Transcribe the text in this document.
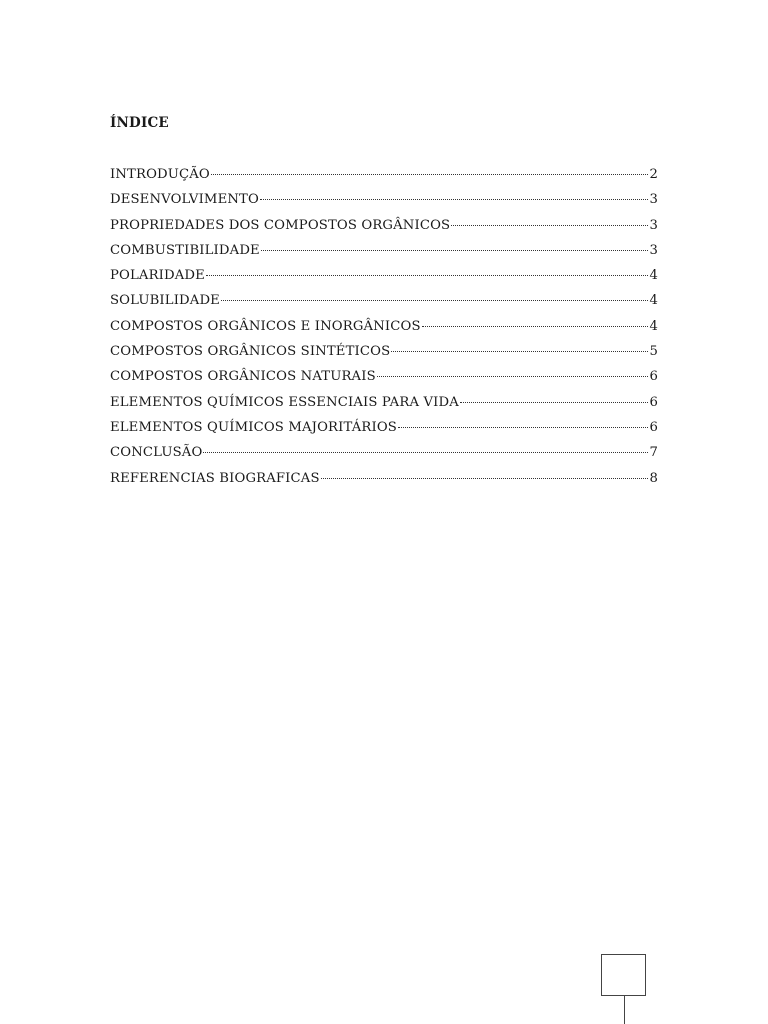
ÍNDICE
INTRODUÇÃO	2
DESENVOLVIMENTO	3
PROPRIEDADES DOS COMPOSTOS ORGÂNICOS	3
COMBUSTIBILIDADE	3
POLARIDADE	4
SOLUBILIDADE	4
COMPOSTOS ORGÂNICOS E INORGÂNICOS	4
COMPOSTOS ORGÂNICOS SINTÉTICOS	5
COMPOSTOS ORGÂNICOS NATURAIS	6
ELEMENTOS QUÍMICOS ESSENCIAIS PARA VIDA	6
ELEMENTOS QUÍMICOS MAJORITÁRIOS	6
CONCLUSÃO	7
REFERENCIAS BIOGRAFICAS	8
